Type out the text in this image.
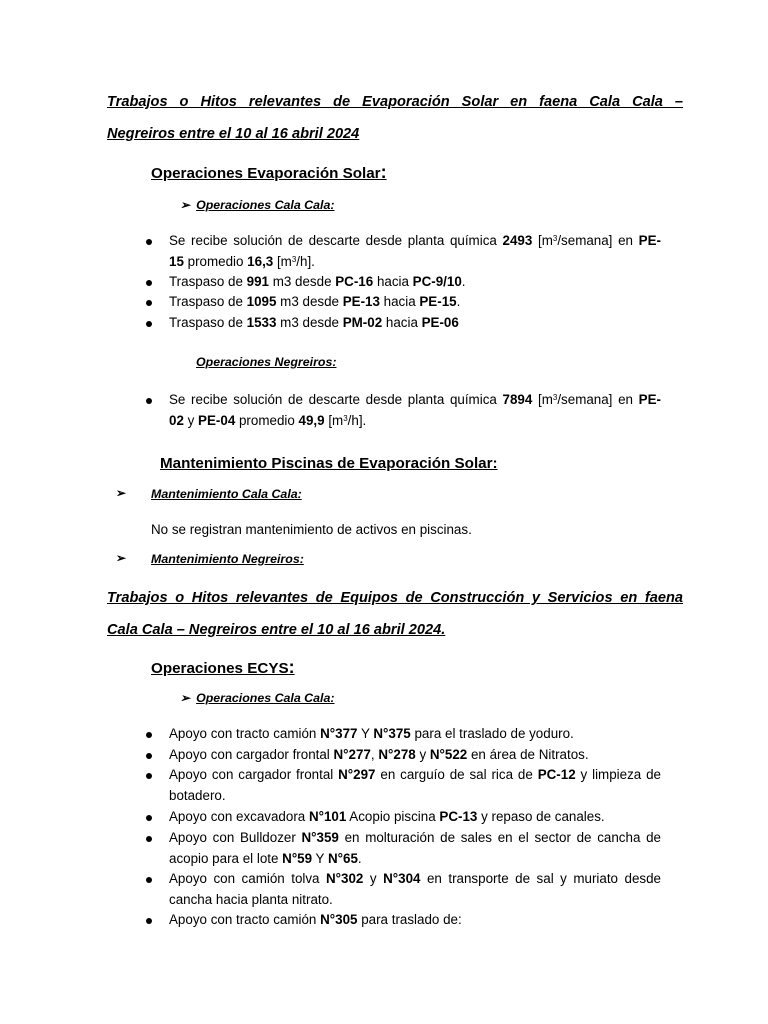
Trabajos o Hitos relevantes de Evaporación Solar en faena Cala Cala –
Negreiros entre el 10 al 16 abril 2024
Operaciones Evaporación Solar:
➢ Operaciones Cala Cala:
Se recibe solución de descarte desde planta química 2493 $[m^3/semana]$ en PE-
15 promedio 16,3 $[m^3/h]$.
Traspaso de 991 m3 desde PC-16 hacia PC-9/10.
Traspaso de 1095 m3 desde PE-13 hacia PE-15.
Traspaso de 1533 m3 desde PM-02 hacia PE-06
Operaciones Negreiros:
Se recibe solución de descarte desde planta química 7894 $[m^3/semana]$ en PE-
02 y PE-04 promedio 49,9 $[m^3/h]$.
Mantenimiento Piscinas de Evaporación Solar:
➢ Mantenimiento Cala Cala:
No se registran mantenimiento de activos en piscinas.
➢ Mantenimiento Negreiros:
Trabajos o Hitos relevantes de Equipos de Construcción y Servicios en faena
Cala Cala – Negreiros entre el 10 al 16 abril 2024.
Operaciones ECYS:
➢ Operaciones Cala Cala:
Apoyo con tracto camión N°377 Y N°375 para el traslado de yoduro.
Apoyo con cargador frontal N°277, N°278 y N°522 en área de Nitratos.
Apoyo con cargador frontal N°297 en carguío de sal rica de PC-12 y limpieza de
botadero.
Apoyo con excavadora N°101 Acopio piscina PC-13 y repaso de canales.
Apoyo con Bulldozer N°359 en molturación de sales en el sector de cancha de
acopio para el lote N°59 Y N°65.
Apoyo con camión tolva N°302 y N°304 en transporte de sal y muriato desde
cancha hacia planta nitrato.
Apoyo con tracto camión N°305 para traslado de:
